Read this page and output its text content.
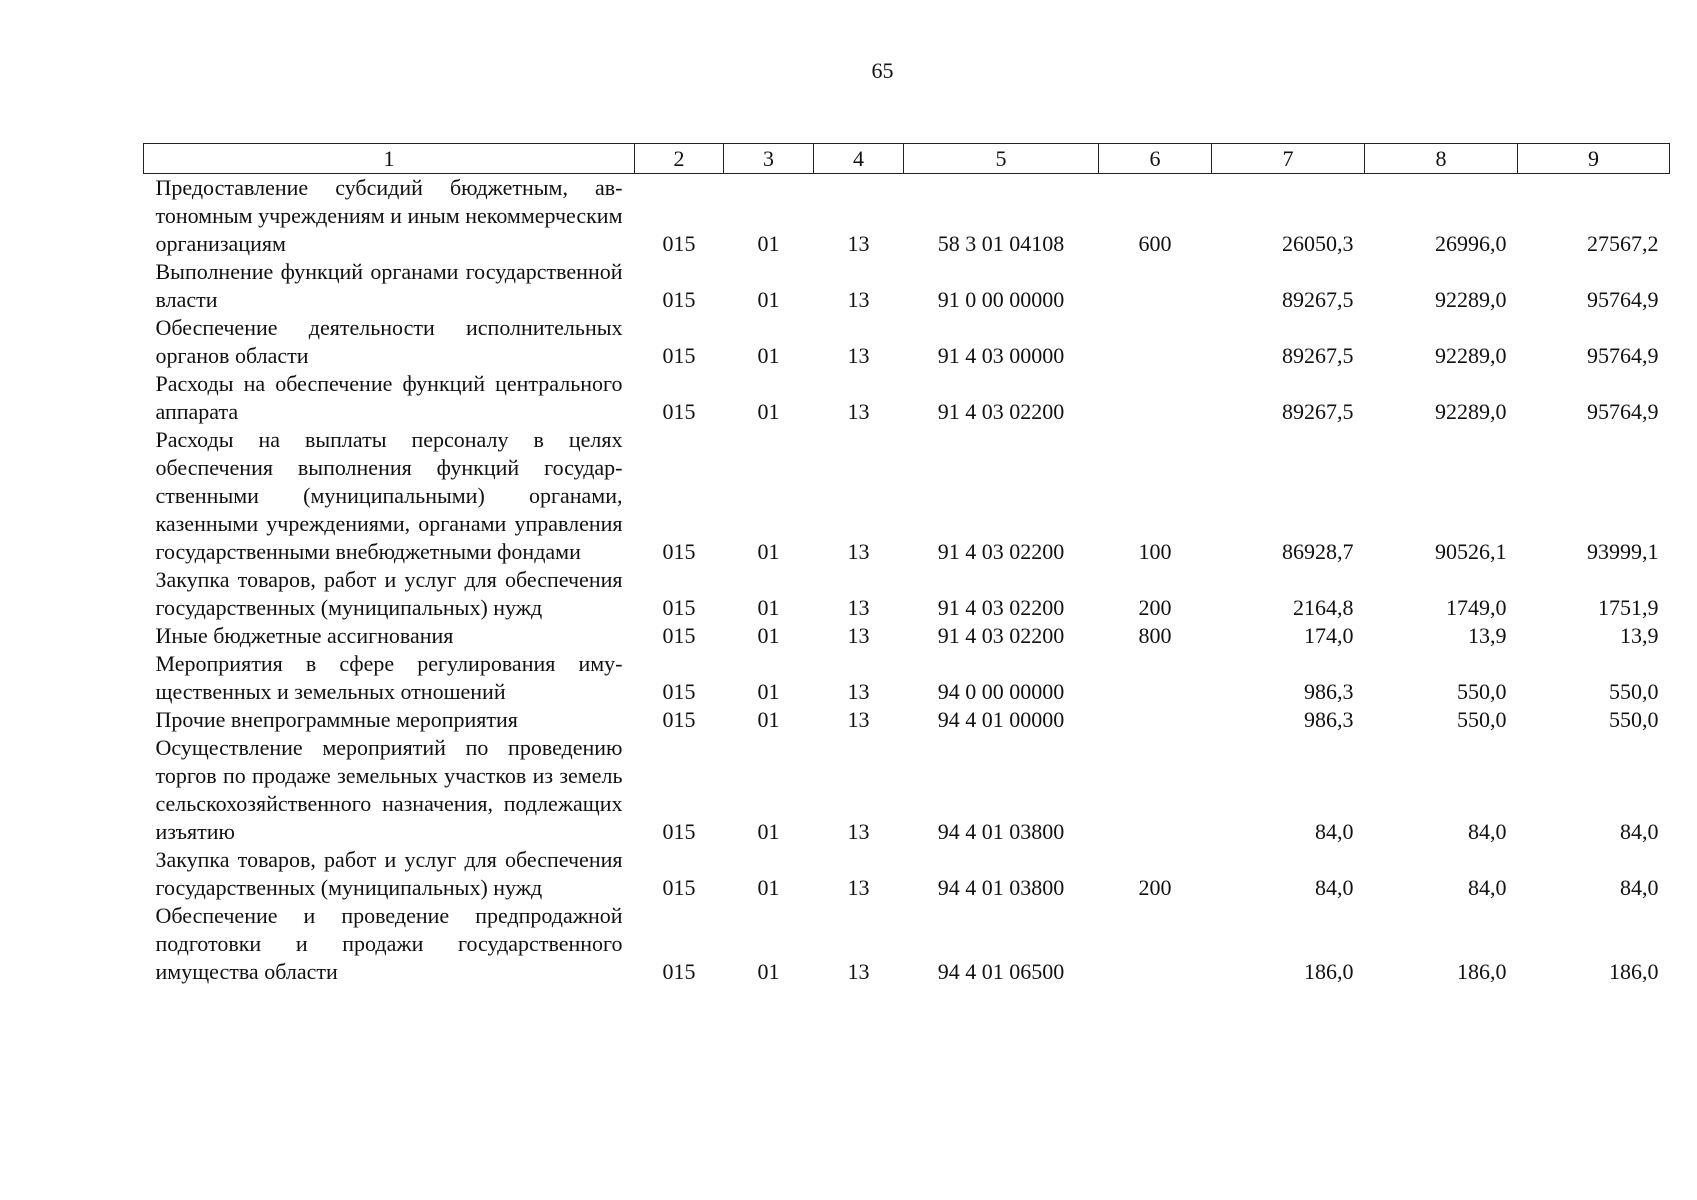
65
1	2	3	4	5	6	7	8	9
Предоставление субсидий бюджетным, автономным учреждениям и иным некоммерческим организациям	015	01	13	58 3 01 04108	600	26050,3	26996,0	27567,2
Выполнение функций органами государственной власти	015	01	13	91 0 00 00000		89267,5	92289,0	95764,9
Обеспечение деятельности исполнительных органов области	015	01	13	91 4 03 00000		89267,5	92289,0	95764,9
Расходы на обеспечение функций центрального аппарата	015	01	13	91 4 03 02200		89267,5	92289,0	95764,9
Расходы на выплаты персоналу в целях обеспечения выполнения функций государственными (муниципальными) органами, казенными учреждениями, органами управления государственными внебюджетными фондами	015	01	13	91 4 03 02200	100	86928,7	90526,1	93999,1
Закупка товаров, работ и услуг для обеспечения государственных (муниципальных) нужд	015	01	13	91 4 03 02200	200	2164,8	1749,0	1751,9
Иные бюджетные ассигнования	015	01	13	91 4 03 02200	800	174,0	13,9	13,9
Мероприятия в сфере регулирования имущественных и земельных отношений	015	01	13	94 0 00 00000		986,3	550,0	550,0
Прочие внепрограммные мероприятия	015	01	13	94 4 01 00000		986,3	550,0	550,0
Осуществление мероприятий по проведению торгов по продаже земельных участков из земель сельскохозяйственного назначения, подлежащих изъятию	015	01	13	94 4 01 03800		84,0	84,0	84,0
Закупка товаров, работ и услуг для обеспечения государственных (муниципальных) нужд	015	01	13	94 4 01 03800	200	84,0	84,0	84,0
Обеспечение и проведение предпродажной подготовки и продажи государственного имущества области	015	01	13	94 4 01 06500		186,0	186,0	186,0
